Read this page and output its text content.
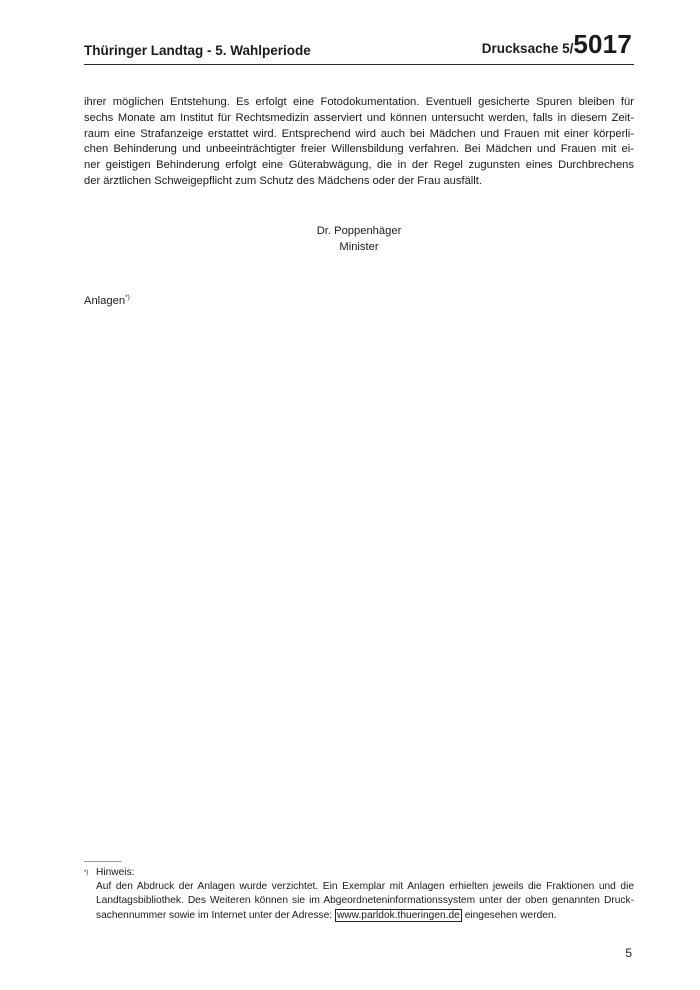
Thüringer Landtag - 5. Wahlperiode	Drucksache 5/5017
ihrer möglichen Entstehung. Es erfolgt eine Fotodokumentation. Eventuell gesicherte Spuren bleiben für
sechs Monate am Institut für Rechtsmedizin asserviert und können untersucht werden, falls in diesem Zeit-
raum eine Strafanzeige erstattet wird. Entsprechend wird auch bei Mädchen und Frauen mit einer körperli-
chen Behinderung und unbeeinträchtigter freier Willensbildung verfahren. Bei Mädchen und Frauen mit ei-
ner geistigen Behinderung erfolgt eine Güterabwägung, die in der Regel zugunsten eines Durchbrechens
der ärztlichen Schweigepflicht zum Schutz des Mädchens oder der Frau ausfällt.
Dr. Poppenhäger
Minister
Anlagen*)
*) Hinweis:
Auf den Abdruck der Anlagen wurde verzichtet. Ein Exemplar mit Anlagen erhielten jeweils die Fraktionen und die
Landtagsbibliothek. Des Weiteren können sie im Abgeordneteninformationssystem unter der oben genannten Druck-
sachennummer sowie im Internet unter der Adresse: www.parldok.thueringen.de eingesehen werden.
5
